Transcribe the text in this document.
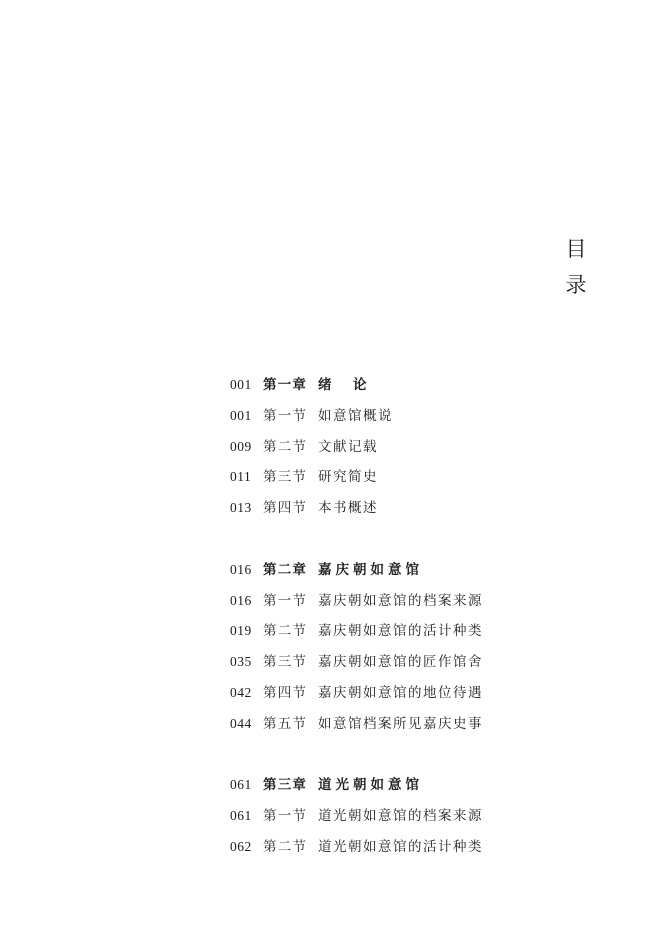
目
录
001 第一章 绪　论
001 第一节 如意馆概说
009 第二节 文献记载
011 第三节 研究简史
013 第四节 本书概述
016 第二章 嘉庆朝如意馆
016 第一节 嘉庆朝如意馆的档案来源
019 第二节 嘉庆朝如意馆的活计种类
035 第三节 嘉庆朝如意馆的匠作馆舍
042 第四节 嘉庆朝如意馆的地位待遇
044 第五节 如意馆档案所见嘉庆史事
061 第三章 道光朝如意馆
061 第一节 道光朝如意馆的档案来源
062 第二节 道光朝如意馆的活计种类
